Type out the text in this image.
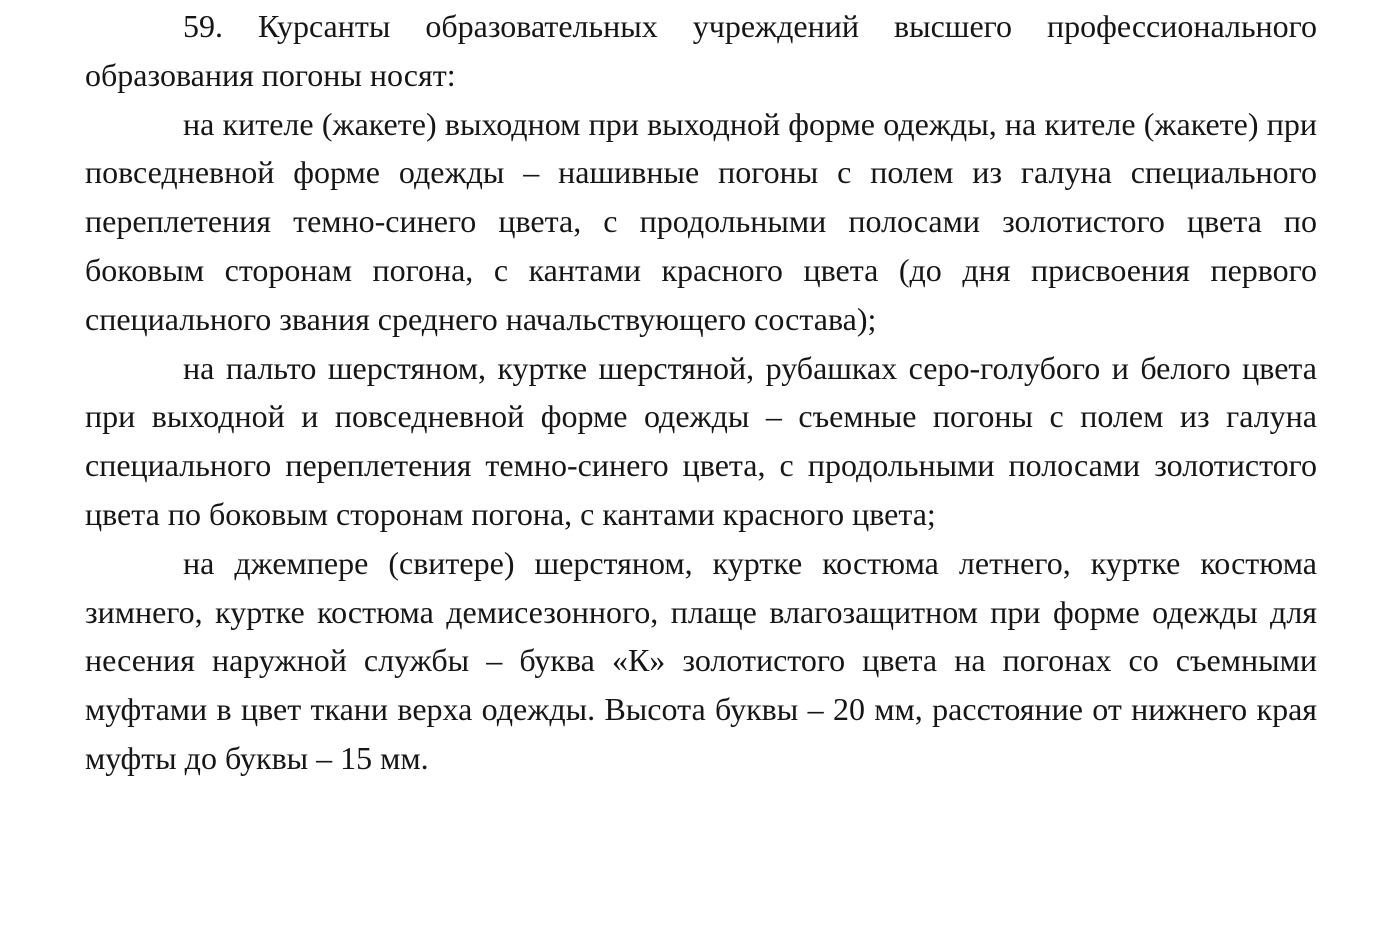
59. Курсанты образовательных учреждений высшего профессионального образования погоны носят:

на кителе (жакете) выходном при выходной форме одежды, на кителе (жакете) при повседневной форме одежды – нашивные погоны с полем из галуна специального переплетения темно-синего цвета, с продольными полосами золотистого цвета по боковым сторонам погона, с кантами красного цвета (до дня присвоения первого специального звания среднего начальствующего состава);

на пальто шерстяном, куртке шерстяной, рубашках серо-голубого и белого цвета при выходной и повседневной форме одежды – съемные погоны с полем из галуна специального переплетения темно-синего цвета, с продольными полосами золотистого цвета по боковым сторонам погона, с кантами красного цвета;

на джемпере (свитере) шерстяном, куртке костюма летнего, куртке костюма зимнего, куртке костюма демисезонного, плаще влагозащитном при форме одежды для несения наружной службы – буква «К» золотистого цвета на погонах со съемными муфтами в цвет ткани верха одежды. Высота буквы – 20 мм, расстояние от нижнего края муфты до буквы – 15 мм.
